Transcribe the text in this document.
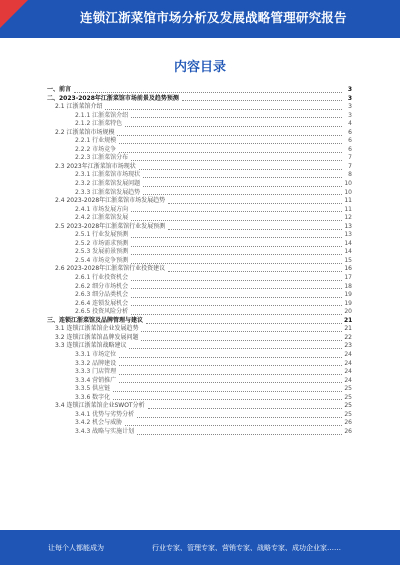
连锁江浙菜馆市场分析及发展战略管理研究报告
内容目录
一、前言	3
二、2023-2028年江浙菜馆市场前景及趋势预测	3
2.1 江浙菜馆介绍	3
2.1.1 江浙菜馆介绍	3
2.1.2 江浙菜特色	4
2.2 江浙菜馆市场规模	6
2.2.1 行业规模	6
2.2.2 市场竞争	6
2.2.3 江浙菜馆分布	7
2.3 2023年江浙菜馆市场现状	7
2.3.1 江浙菜馆市场现状	8
2.3.2 江浙菜馆发展问题	10
2.3.3 江浙菜馆发展趋势	10
2.4 2023-2028年江浙菜馆市场发展趋势	11
2.4.1 市场发展方向	11
2.4.2 江浙菜馆发展	12
2.5 2023-2028年江浙菜馆行业发展预测	13
2.5.1 行业发展预测	13
2.5.2 市场需求预测	14
2.5.3 发展前景预测	14
2.5.4 市场竞争预测	15
2.6 2023-2028年江浙菜馆行业投资建议	16
2.6.1 行业投资机会	17
2.6.2 细分市场机会	18
2.6.3 细分品类机会	19
2.6.4 连锁发展机会	19
2.6.5 投资风险分析	20
三、连锁江浙菜馆及品牌管理与建议	21
3.1 连锁江浙菜馆企业发展趋势	21
3.2 连锁江浙菜馆品牌发展问题	22
3.3 连锁江浙菜馆战略建议	23
3.3.1 市场定位	24
3.3.2 品牌建设	24
3.3.3 门店管理	24
3.3.4 营销推广	24
3.3.5 供应链	25
3.3.6 数字化	25
3.4 连锁江浙菜馆企业SWOT分析	25
3.4.1 优势与劣势分析	25
3.4.2 机会与威胁	26
3.4.3 战略与实施计划	26
让每个人都能成为	行业专家、管理专家、营销专家、战略专家、成功企业家……
